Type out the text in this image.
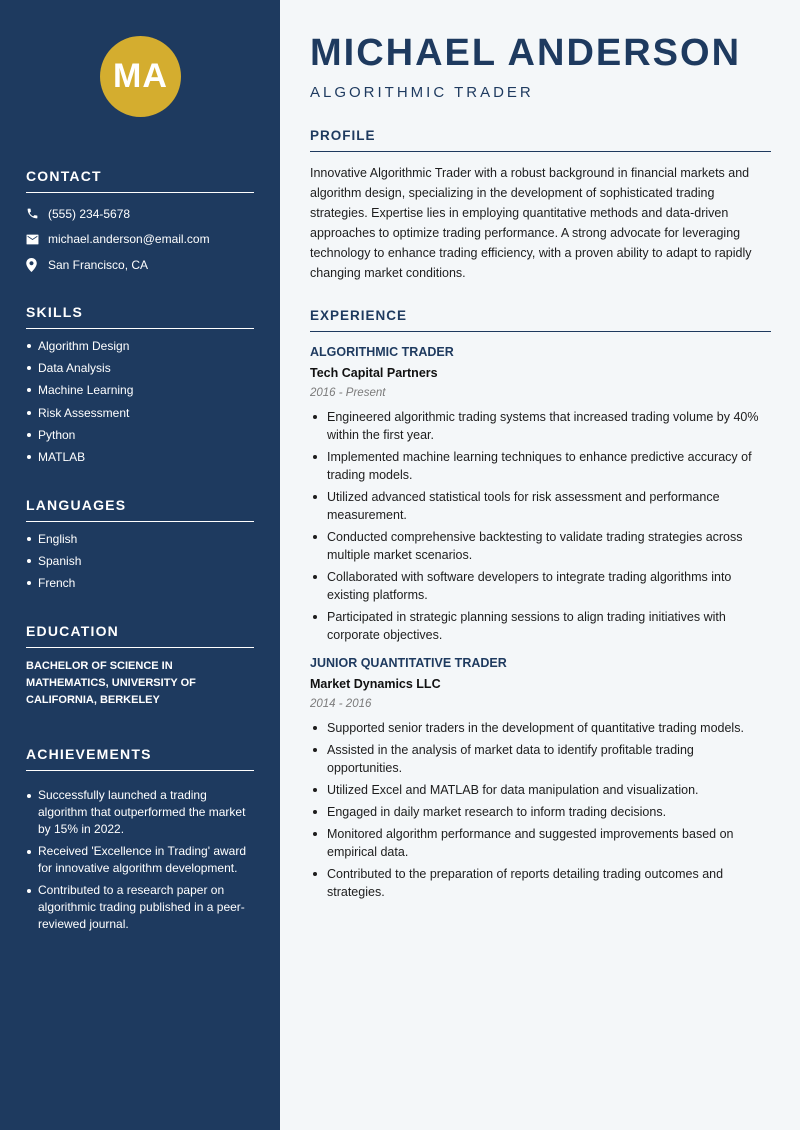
MA
CONTACT
(555) 234-5678
michael.anderson@email.com
San Francisco, CA
SKILLS
Algorithm Design
Data Analysis
Machine Learning
Risk Assessment
Python
MATLAB
LANGUAGES
English
Spanish
French
EDUCATION
BACHELOR OF SCIENCE IN MATHEMATICS, UNIVERSITY OF CALIFORNIA, BERKELEY
ACHIEVEMENTS
Successfully launched a trading algorithm that outperformed the market by 15% in 2022.
Received 'Excellence in Trading' award for innovative algorithm development.
Contributed to a research paper on algorithmic trading published in a peer-reviewed journal.
MICHAEL ANDERSON
ALGORITHMIC TRADER
PROFILE
Innovative Algorithmic Trader with a robust background in financial markets and algorithm design, specializing in the development of sophisticated trading strategies. Expertise lies in employing quantitative methods and data-driven approaches to optimize trading performance. A strong advocate for leveraging technology to enhance trading efficiency, with a proven ability to adapt to rapidly changing market conditions.
EXPERIENCE
ALGORITHMIC TRADER
Tech Capital Partners
2016 - Present
Engineered algorithmic trading systems that increased trading volume by 40% within the first year.
Implemented machine learning techniques to enhance predictive accuracy of trading models.
Utilized advanced statistical tools for risk assessment and performance measurement.
Conducted comprehensive backtesting to validate trading strategies across multiple market scenarios.
Collaborated with software developers to integrate trading algorithms into existing platforms.
Participated in strategic planning sessions to align trading initiatives with corporate objectives.
JUNIOR QUANTITATIVE TRADER
Market Dynamics LLC
2014 - 2016
Supported senior traders in the development of quantitative trading models.
Assisted in the analysis of market data to identify profitable trading opportunities.
Utilized Excel and MATLAB for data manipulation and visualization.
Engaged in daily market research to inform trading decisions.
Monitored algorithm performance and suggested improvements based on empirical data.
Contributed to the preparation of reports detailing trading outcomes and strategies.
